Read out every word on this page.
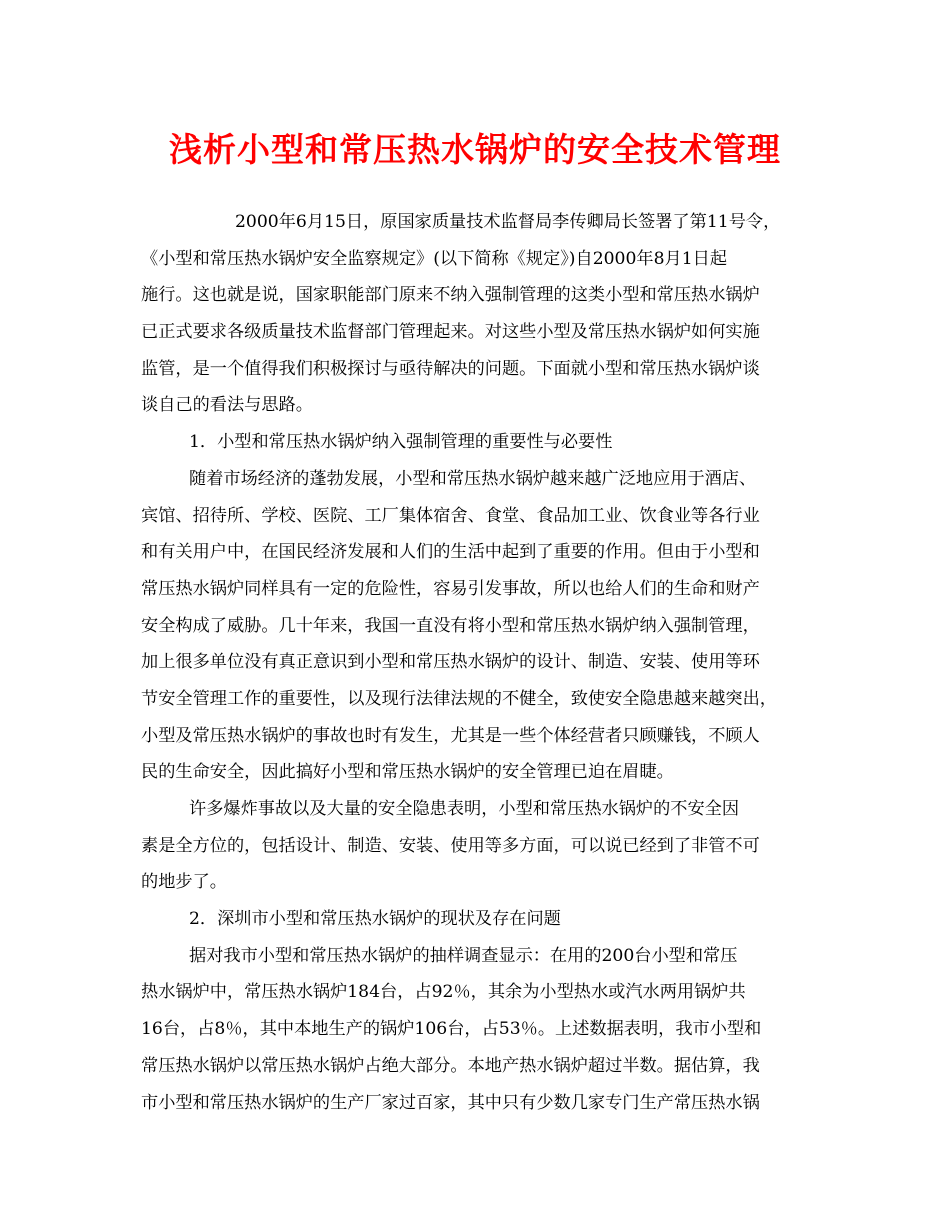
浅析小型和常压热水锅炉的安全技术管理
2000年6月15日，原国家质量技术监督局李传卿局长签署了第11号令，
《小型和常压热水锅炉安全监察规定》(以下简称《规定》)自2000年8月1日起
施行。这也就是说，国家职能部门原来不纳入强制管理的这类小型和常压热水锅炉
已正式要求各级质量技术监督部门管理起来。对这些小型及常压热水锅炉如何实施
监管，是一个值得我们积极探讨与亟待解决的问题。下面就小型和常压热水锅炉谈
谈自己的看法与思路。
1．小型和常压热水锅炉纳入强制管理的重要性与必要性
随着市场经济的蓬勃发展，小型和常压热水锅炉越来越广泛地应用于酒店、
宾馆、招待所、学校、医院、工厂集体宿舍、食堂、食品加工业、饮食业等各行业
和有关用户中，在国民经济发展和人们的生活中起到了重要的作用。但由于小型和
常压热水锅炉同样具有一定的危险性，容易引发事故，所以也给人们的生命和财产
安全构成了威胁。几十年来，我国一直没有将小型和常压热水锅炉纳入强制管理，
加上很多单位没有真正意识到小型和常压热水锅炉的设计、制造、安装、使用等环
节安全管理工作的重要性，以及现行法律法规的不健全，致使安全隐患越来越突出，
小型及常压热水锅炉的事故也时有发生，尤其是一些个体经营者只顾赚钱，不顾人
民的生命安全，因此搞好小型和常压热水锅炉的安全管理已迫在眉睫。
许多爆炸事故以及大量的安全隐患表明，小型和常压热水锅炉的不安全因
素是全方位的，包括设计、制造、安装、使用等多方面，可以说已经到了非管不可
的地步了。
2．深圳市小型和常压热水锅炉的现状及存在问题
据对我市小型和常压热水锅炉的抽样调查显示：在用的200台小型和常压
热水锅炉中，常压热水锅炉184台，占92％，其余为小型热水或汽水两用锅炉共
16台，占8％，其中本地生产的锅炉106台，占53％。上述数据表明，我市小型和
常压热水锅炉以常压热水锅炉占绝大部分。本地产热水锅炉超过半数。据估算，我
市小型和常压热水锅炉的生产厂家过百家，其中只有少数几家专门生产常压热水锅
